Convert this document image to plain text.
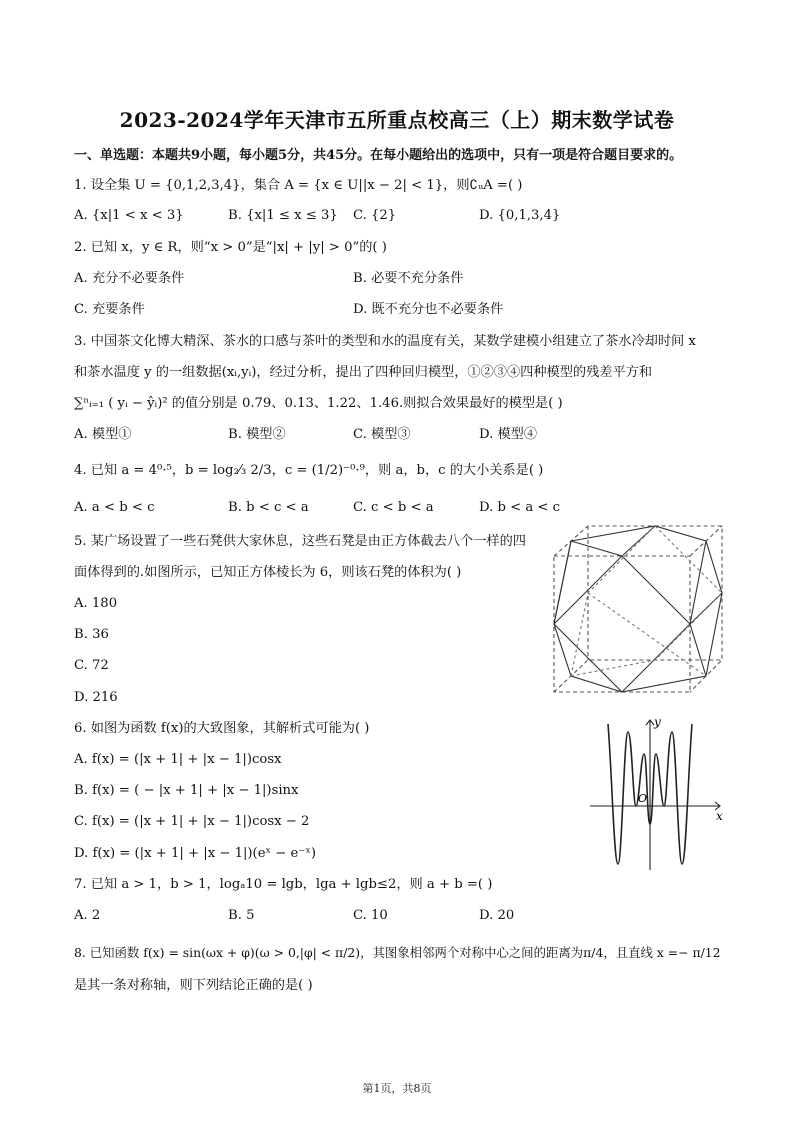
2023-2024学年天津市五所重点校高三（上）期末数学试卷
一、单选题：本题共9小题，每小题5分，共45分。在每小题给出的选项中，只有一项是符合题目要求的。
1. 设全集 U = {0,1,2,3,4}，集合 A = {x ∈ U||x − 2| < 1}，则∁ᵤA =( )
A. {x|1 < x < 3}	B. {x|1 ≤ x ≤ 3} C. {2}	D. {0,1,3,4}
2. 已知 x，y ∈ R，则“x > 0”是“|x| + |y| > 0”的( )
A. 充分不必要条件	B. 必要不充分条件
C. 充要条件	D. 既不充分也不必要条件
3. 中国茶文化博大精深、茶水的口感与茶叶的类型和水的温度有关，某数学建模小组建立了茶水冷却时间 x
和茶水温度 y 的一组数据(xᵢ,yᵢ)，经过分析，提出了四种回归模型，①②③④四种模型的残差平方和
∑ⁿᵢ₌₁ ( yᵢ − ŷᵢ)² 的值分别是 0.79、0.13、1.22、1.46.则拟合效果最好的模型是( )
A. 模型①	B. 模型②	C. 模型③	D. 模型④
4. 已知 a = 4⁰·⁵，b = log₂⁄₃ 2/3，c = (1/2)⁻⁰·⁹，则 a，b，c 的大小关系是( )
A. a < b < c	B. b < c < a	C. c < b < a	D. b < a < c
5. 某广场设置了一些石凳供大家休息，这些石凳是由正方体截去八个一样的四
面体得到的.如图所示，已知正方体棱长为 6，则该石凳的体积为( )
A. 180
B. 36
C. 72
D. 216
6. 如图为函数 f(x)的大致图象，其解析式可能为( )
A. f(x) = (|x + 1| + |x − 1|)cosx
B. f(x) = ( − |x + 1| + |x − 1|)sinx
C. f(x) = (|x + 1| + |x − 1|)cosx − 2
D. f(x) = (|x + 1| + |x − 1|)(eˣ − e⁻ˣ)
y
x
O
7. 已知 a > 1，b > 1，logₐ10 = lgb，lga + lgb≤2，则 a + b =( )
A. 2	B. 5	C. 10	D. 20
8. 已知函数 f(x) = sin(ωx + φ)(ω > 0,|φ| < π/2)，其图象相邻两个对称中心之间的距离为π/4，且直线 x =− π/12
是其一条对称轴，则下列结论正确的是( )
第1页，共8页
